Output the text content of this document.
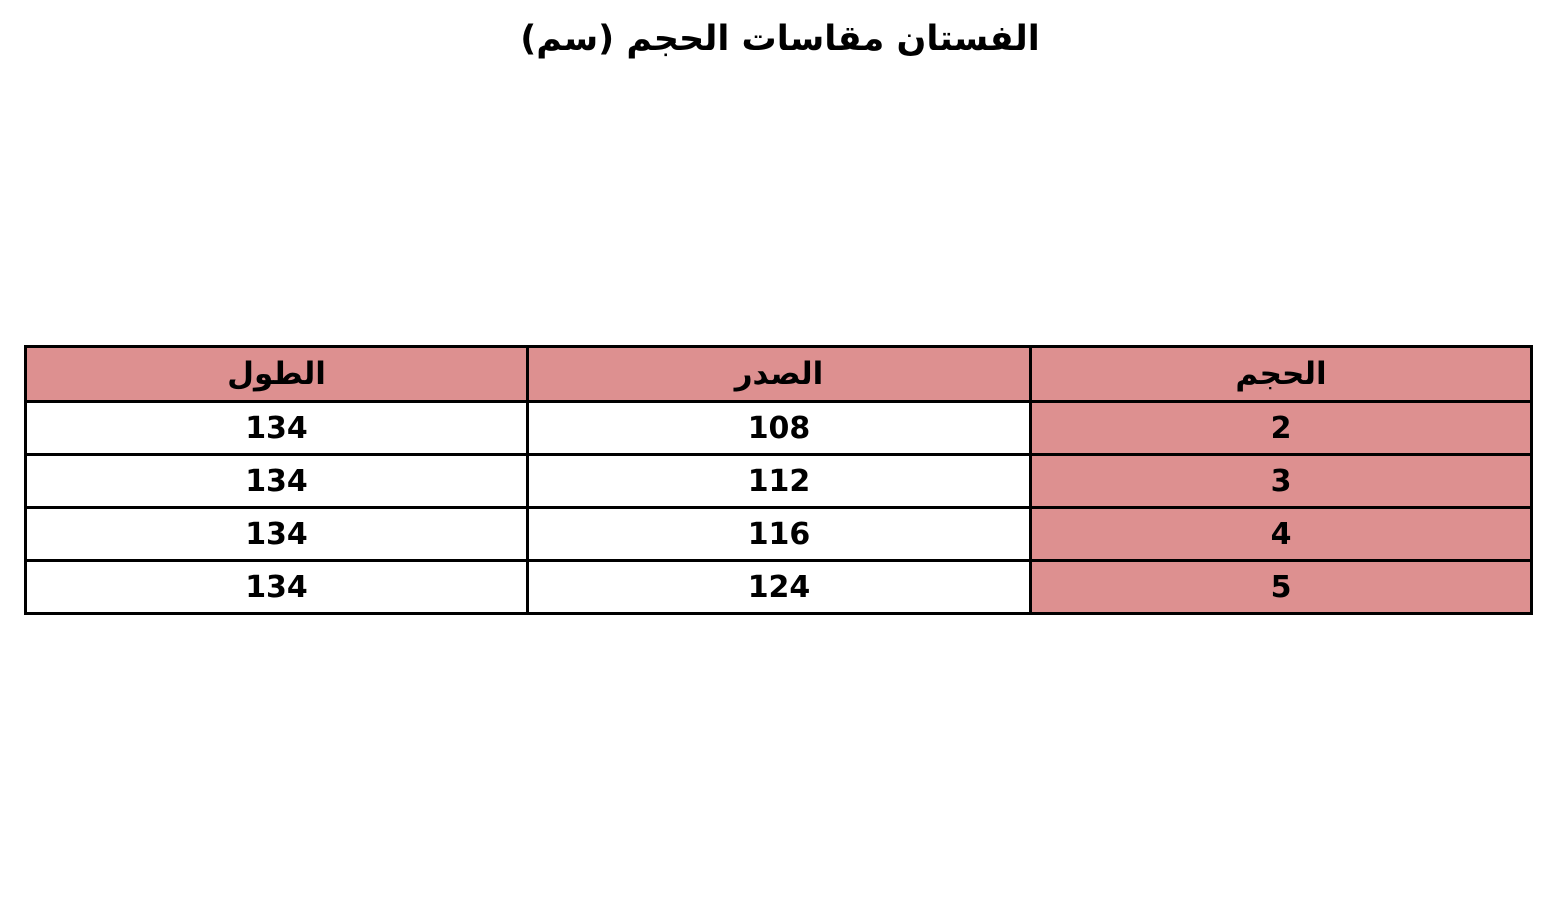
الفستان مقاسات الحجم (سم)
الحجم	الصدر	الطول
2	108	134
3	112	134
4	116	134
5	124	134
